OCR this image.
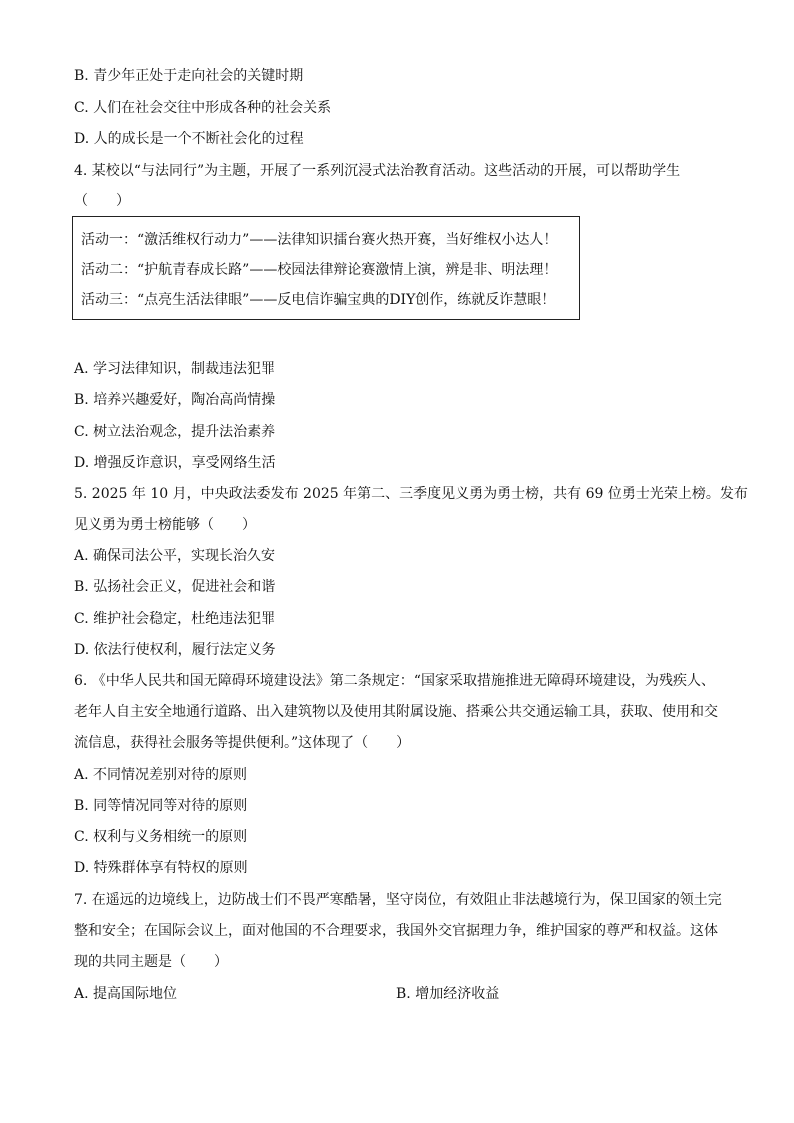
B. 青少年正处于走向社会的关键时期
C. 人们在社会交往中形成各种的社会关系
D. 人的成长是一个不断社会化的过程
4. 某校以“与法同行”为主题，开展了一系列沉浸式法治教育活动。这些活动的开展，可以帮助学生
（　　）
活动一：“激活维权行动力”——法律知识擂台赛火热开赛，当好维权小达人！
活动二：“护航青春成长路”——校园法律辩论赛激情上演，辨是非、明法理！
活动三：“点亮生活法律眼”——反电信诈骗宝典的DIY创作，练就反诈慧眼！
A. 学习法律知识，制裁违法犯罪
B. 培养兴趣爱好，陶冶高尚情操
C. 树立法治观念，提升法治素养
D. 增强反诈意识，享受网络生活
5. 2025 年 10 月，中央政法委发布 2025 年第二、三季度见义勇为勇士榜，共有 69 位勇士光荣上榜。发布
见义勇为勇士榜能够（　　）
A. 确保司法公平，实现长治久安
B. 弘扬社会正义，促进社会和谐
C. 维护社会稳定，杜绝违法犯罪
D. 依法行使权利，履行法定义务
6. 《中华人民共和国无障碍环境建设法》第二条规定：“国家采取措施推进无障碍环境建设，为残疾人、
老年人自主安全地通行道路、出入建筑物以及使用其附属设施、搭乘公共交通运输工具，获取、使用和交
流信息，获得社会服务等提供便利。”这体现了（　　）
A. 不同情况差别对待的原则
B. 同等情况同等对待的原则
C. 权利与义务相统一的原则
D. 特殊群体享有特权的原则
7. 在遥远的边境线上，边防战士们不畏严寒酷暑，坚守岗位，有效阻止非法越境行为，保卫国家的领土完
整和安全；在国际会议上，面对他国的不合理要求，我国外交官据理力争，维护国家的尊严和权益。这体
现的共同主题是（　　）
A. 提高国际地位	B. 增加经济收益
